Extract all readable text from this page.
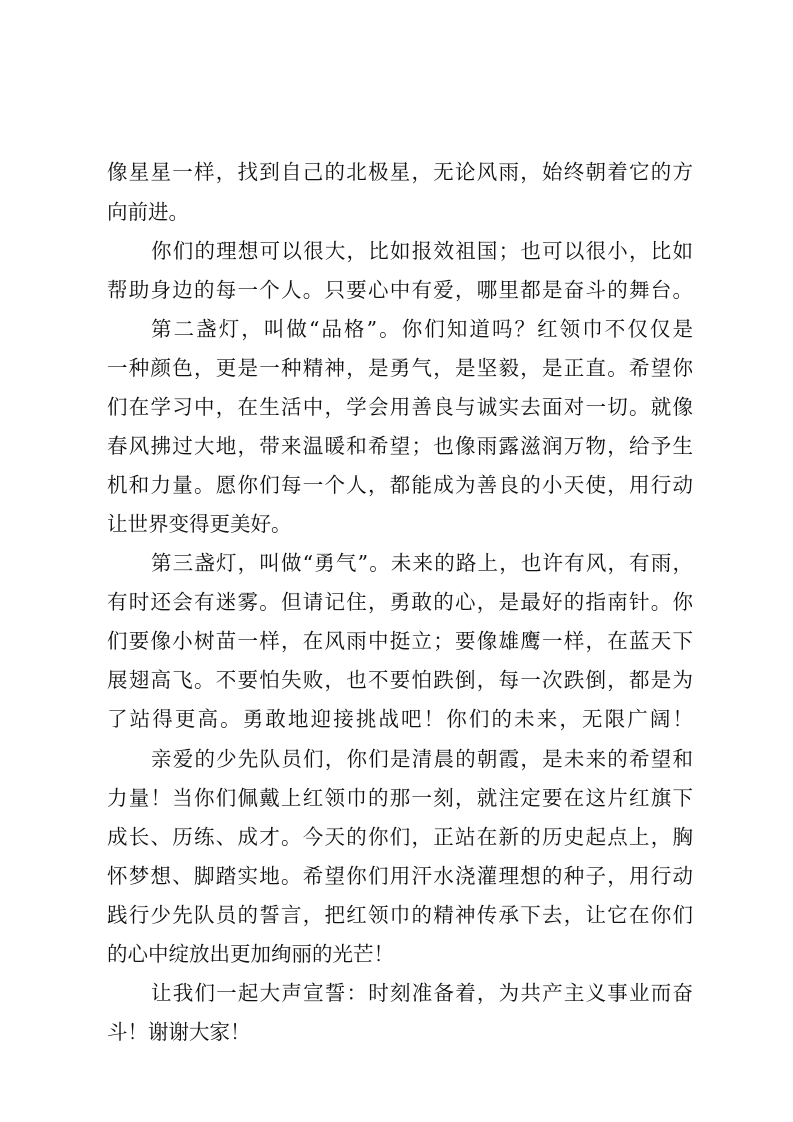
像星星一样，找到自己的北极星，无论风雨，始终朝着它的方
向前进。
你们的理想可以很大，比如报效祖国；也可以很小，比如
帮助身边的每一个人。只要心中有爱，哪里都是奋斗的舞台。
第二盏灯，叫做“品格”。你们知道吗？红领巾不仅仅是
一种颜色，更是一种精神，是勇气，是坚毅，是正直。希望你
们在学习中，在生活中，学会用善良与诚实去面对一切。就像
春风拂过大地，带来温暖和希望；也像雨露滋润万物，给予生
机和力量。愿你们每一个人，都能成为善良的小天使，用行动
让世界变得更美好。
第三盏灯，叫做“勇气”。未来的路上，也许有风，有雨，
有时还会有迷雾。但请记住，勇敢的心，是最好的指南针。你
们要像小树苗一样，在风雨中挺立；要像雄鹰一样，在蓝天下
展翅高飞。不要怕失败，也不要怕跌倒，每一次跌倒，都是为
了站得更高。勇敢地迎接挑战吧！你们的未来，无限广阔！
亲爱的少先队员们，你们是清晨的朝霞，是未来的希望和
力量！当你们佩戴上红领巾的那一刻，就注定要在这片红旗下
成长、历练、成才。今天的你们，正站在新的历史起点上，胸
怀梦想、脚踏实地。希望你们用汗水浇灌理想的种子，用行动
践行少先队员的誓言，把红领巾的精神传承下去，让它在你们
的心中绽放出更加绚丽的光芒！
让我们一起大声宣誓：时刻准备着，为共产主义事业而奋
斗！谢谢大家！
